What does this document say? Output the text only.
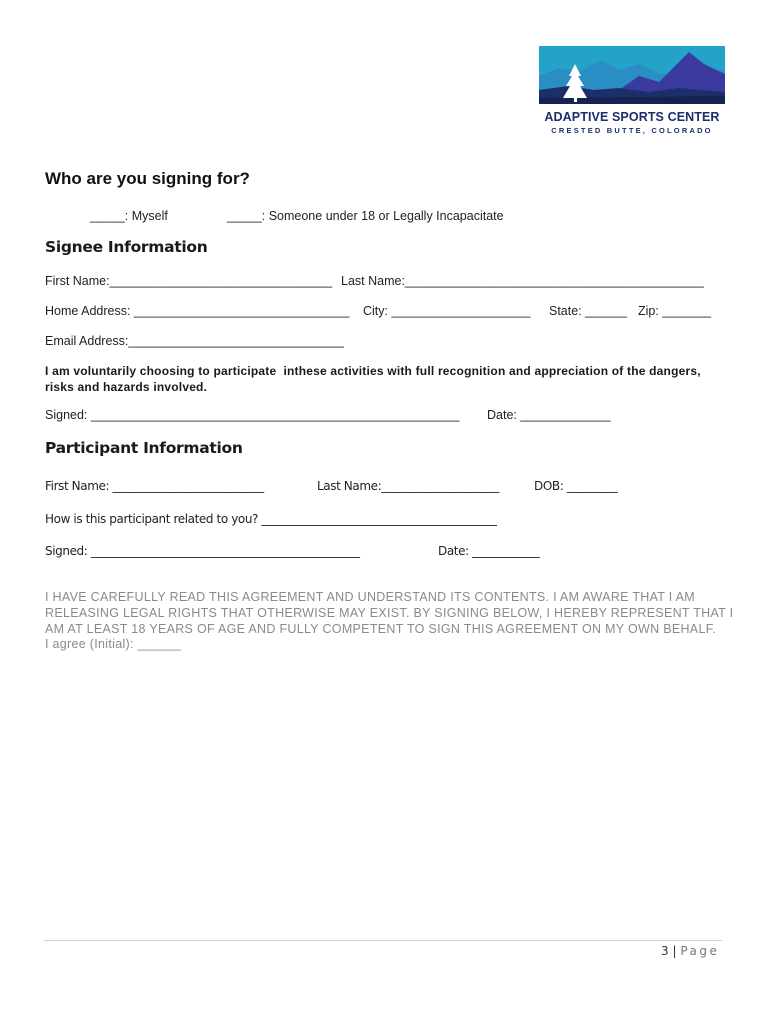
ADAPTIVE SPORTS CENTER
CRESTED BUTTE, COLORADO
Who are you signing for?
_____: Myself	_____: Someone under 18 or Legally Incapacitate
Signee Information
First Name:________________________________ Last Name:___________________________________________
Home Address: _______________________________ City: ____________________ State: ______ Zip: _______
Email Address:_______________________________
I am voluntarily choosing to participate  inthese activities with full recognition and appreciation of the dangers,
risks and hazards involved.
Signed: _____________________________________________________ Date: _____________
Participant Information
First Name: ___________________________	Last Name:_____________________	DOB: _________
How is this participant related to you? __________________________________________
Signed: ________________________________________________	Date: ____________
I HAVE CAREFULLY READ THIS AGREEMENT AND UNDERSTAND ITS CONTENTS. I AM AWARE THAT I AM RELEASING LEGAL RIGHTS THAT OTHERWISE MAY EXIST. BY SIGNING BELOW, I HEREBY REPRESENT THAT I AM AT LEAST 18 YEARS OF AGE AND FULLY COMPETENT TO SIGN THIS AGREEMENT ON MY OWN BEHALF.
I agree (Initial): ______
3 | Page
